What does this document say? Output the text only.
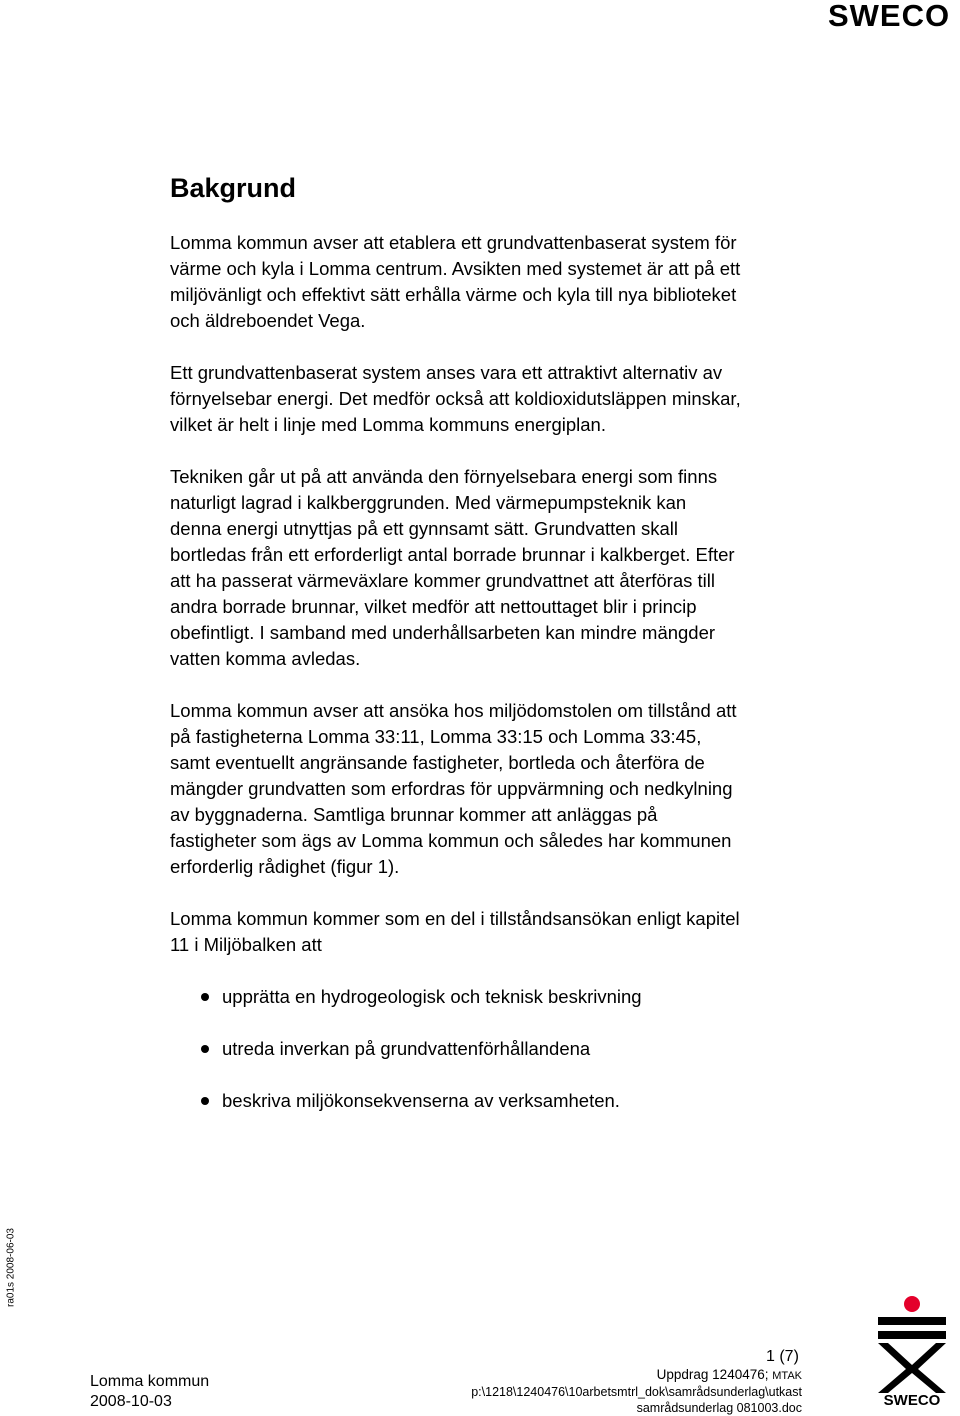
SWECO
Bakgrund

Lomma kommun avser att etablera ett grundvattenbaserat system för
värme och kyla i Lomma centrum. Avsikten med systemet är att på ett
miljövänligt och effektivt sätt erhålla värme och kyla till nya biblioteket
och äldreboendet Vega.

Ett grundvattenbaserat system anses vara ett attraktivt alternativ av
förnyelsebar energi. Det medför också att koldioxidutsläppen minskar,
vilket är helt i linje med Lomma kommuns energiplan.

Tekniken går ut på att använda den förnyelsebara energi som finns
naturligt lagrad i kalkberggrunden. Med värmepumpsteknik kan
denna energi utnyttjas på ett gynnsamt sätt. Grundvatten skall
bortledas från ett erforderligt antal borrade brunnar i kalkberget. Efter
att ha passerat värmeväxlare kommer grundvattnet att återföras till
andra borrade brunnar, vilket medför att nettouttaget blir i princip
obefintligt. I samband med underhållsarbeten kan mindre mängder
vatten komma avledas.

Lomma kommun avser att ansöka hos miljödomstolen om tillstånd att
på fastigheterna Lomma 33:11, Lomma 33:15 och Lomma 33:45,
samt eventuellt angränsande fastigheter, bortleda och återföra de
mängder grundvatten som erfordras för uppvärmning och nedkylning
av byggnaderna. Samtliga brunnar kommer att anläggas på
fastigheter som ägs av Lomma kommun och således har kommunen
erforderlig rådighet (figur 1).

Lomma kommun kommer som en del i tillståndsansökan enligt kapitel
11 i Miljöbalken att

upprätta en hydrogeologisk och teknisk beskrivning
utreda inverkan på grundvattenförhållandena
beskriva miljökonsekvenserna av verksamheten.
ra01s 2008-06-03
1 (7)
Lomma kommun
2008-10-03
Uppdrag 1240476; MTAK
p:\1218\1240476\10arbetsmtrl_dok\samrådsunderlag\utkast
samrådsunderlag 081003.doc	SWECO
